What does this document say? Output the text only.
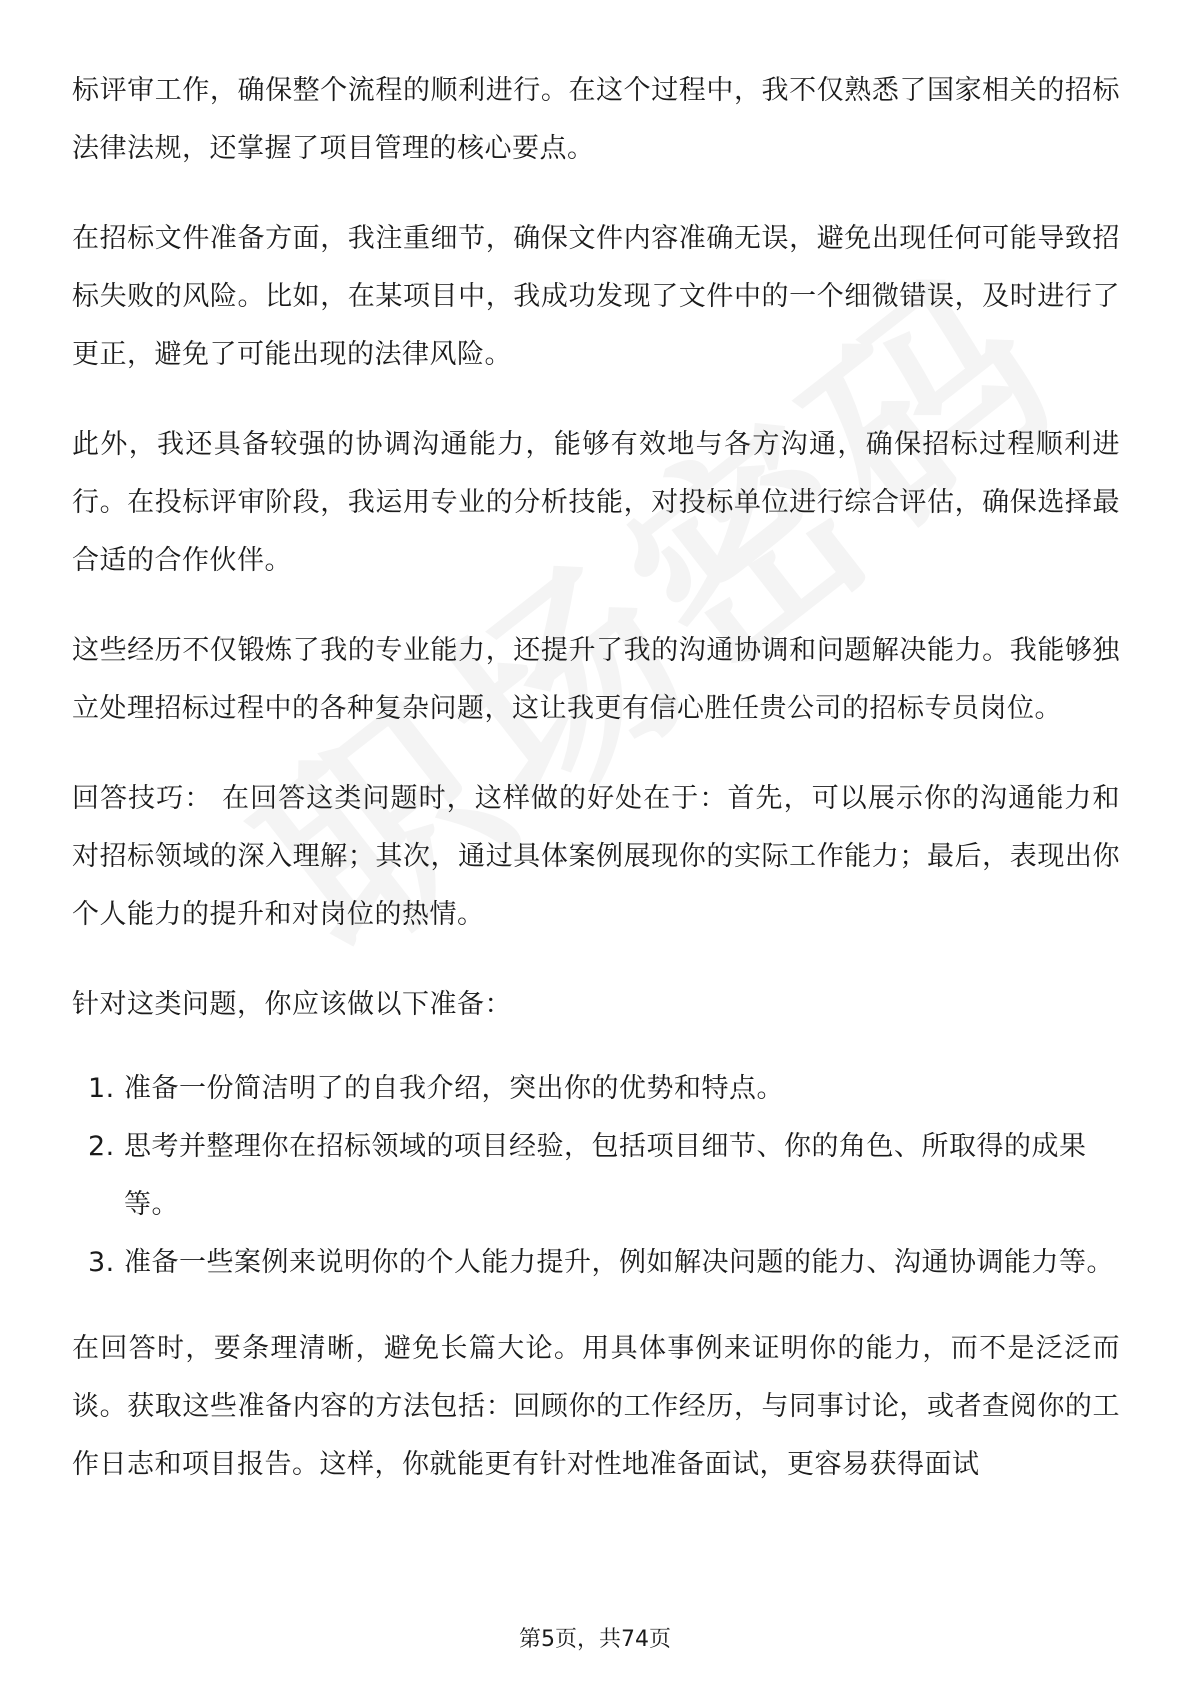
标评审工作，确保整个流程的顺利进行。在这个过程中，我不仅熟悉了国家相关的招标法律法规，还掌握了项目管理的核心要点。

在招标文件准备方面，我注重细节，确保文件内容准确无误，避免出现任何可能导致招标失败的风险。比如，在某项目中，我成功发现了文件中的一个细微错误，及时进行了更正，避免了可能出现的法律风险。

此外，我还具备较强的协调沟通能力，能够有效地与各方沟通，确保招标过程顺利进行。在投标评审阶段，我运用专业的分析技能，对投标单位进行综合评估，确保选择最合适的合作伙伴。

这些经历不仅锻炼了我的专业能力，还提升了我的沟通协调和问题解决能力。我能够独立处理招标过程中的各种复杂问题，这让我更有信心胜任贵公司的招标专员岗位。

回答技巧： 在回答这类问题时，这样做的好处在于：首先，可以展示你的沟通能力和对招标领域的深入理解；其次，通过具体案例展现你的实际工作能力；最后，表现出你个人能力的提升和对岗位的热情。

针对这类问题，你应该做以下准备：

1. 准备一份简洁明了的自我介绍，突出你的优势和特点。
2. 思考并整理你在招标领域的项目经验，包括项目细节、你的角色、所取得的成果等。
3. 准备一些案例来说明你的个人能力提升，例如解决问题的能力、沟通协调能力等。

在回答时，要条理清晰，避免长篇大论。用具体事例来证明你的能力，而不是泛泛而谈。获取这些准备内容的方法包括：回顾你的工作经历，与同事讨论，或者查阅你的工作日志和项目报告。这样，你就能更有针对性地准备面试，更容易获得面试

第5页，共74页
